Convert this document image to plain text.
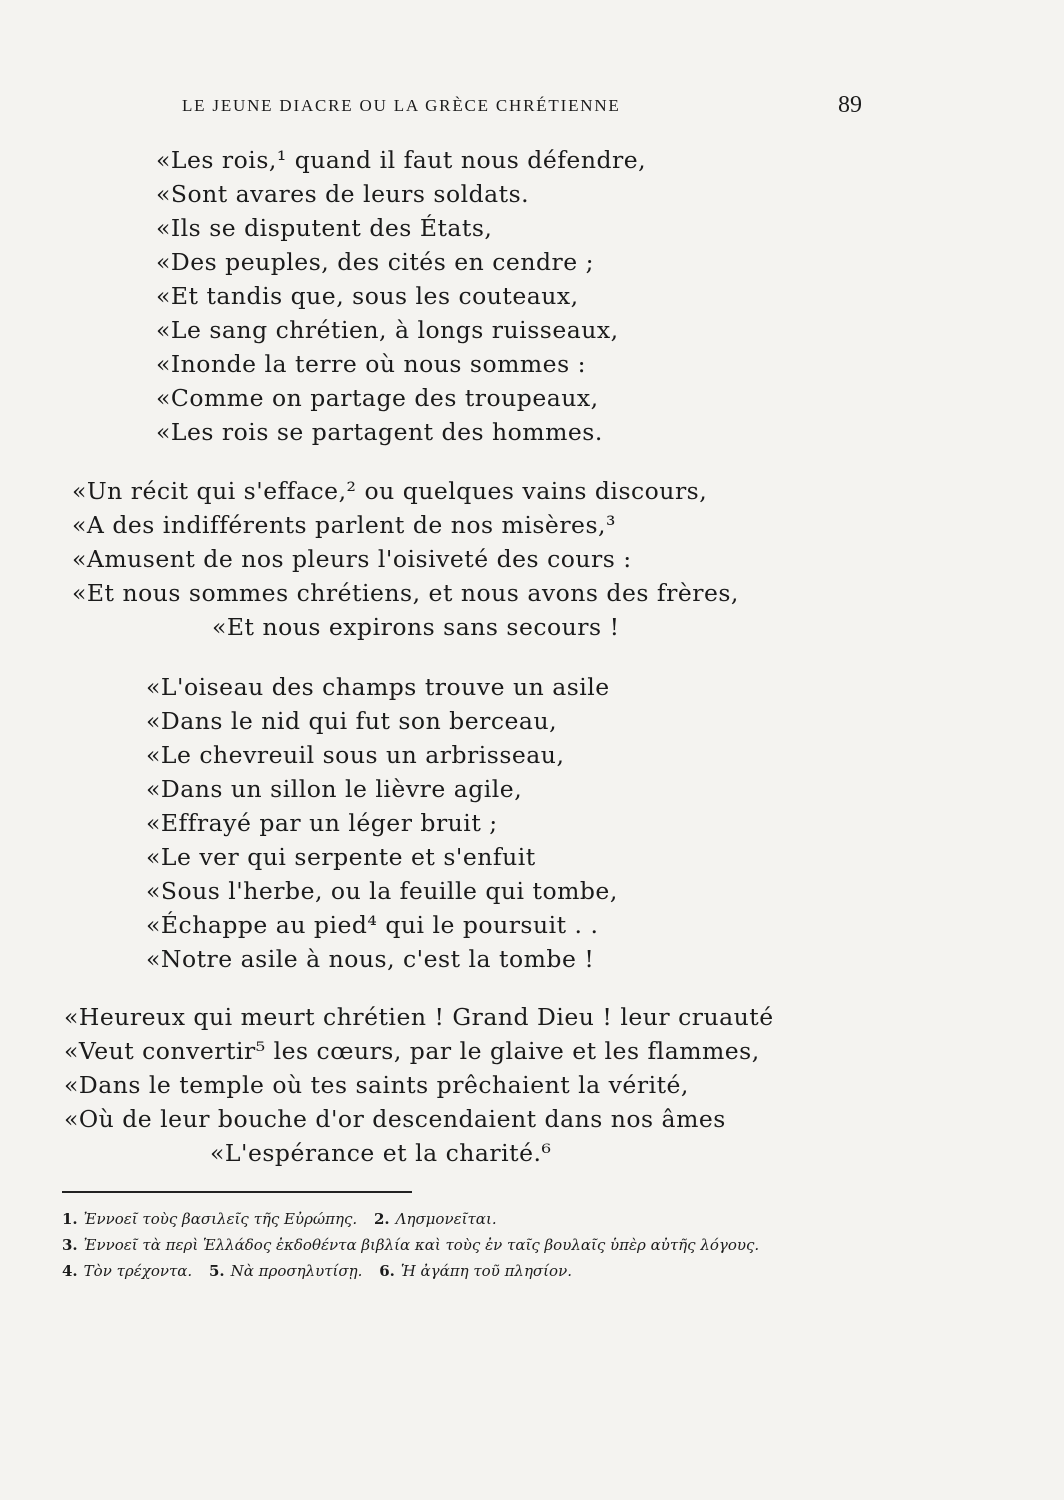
LE JEUNE DIACRE OU LA GRÈCE CHRÉTIENNE	89
«Les rois,¹ quand il faut nous défendre,
«Sont avares de leurs soldats.
«Ils se disputent des États,
«Des peuples, des cités en cendre ;
«Et tandis que, sous les couteaux,
«Le sang chrétien, à longs ruisseaux,
«Inonde la terre où nous sommes :
«Comme on partage des troupeaux,
«Les rois se partagent des hommes.
«Un récit qui s'efface,² ou quelques vains discours,
«A des indifférents parlent de nos misères,³
«Amusent de nos pleurs l'oisiveté des cours :
«Et nous sommes chrétiens, et nous avons des frères,
«Et nous expirons sans secours !
«L'oiseau des champs trouve un asile
«Dans le nid qui fut son berceau,
«Le chevreuil sous un arbrisseau,
«Dans un sillon le lièvre agile,
«Effrayé par un léger bruit ;
«Le ver qui serpente et s'enfuit
«Sous l'herbe, ou la feuille qui tombe,
«Échappe au pied⁴ qui le poursuit . .
«Notre asile à nous, c'est la tombe !
«Heureux qui meurt chrétien ! Grand Dieu ! leur cruauté
«Veut convertir⁵ les cœurs, par le glaive et les flammes,
«Dans le temple où tes saints prêchaient la vérité,
«Où de leur bouche d'or descendaient dans nos âmes
«L'espérance et la charité.⁶
1. Ἐννοεῖ τοὺς βασιλεῖς τῆς Εὐρώπης. 2. Λησμονεῖται.
3. Ἐννοεῖ τὰ περὶ Ἑλλάδος ἐκδοθέντα βιβλία καὶ τοὺς ἐν ταῖς βουλαῖς ὑπὲρ αὐτῆς λόγους.
4. Τὸν τρέχοντα. 5. Νὰ προσηλυτίσῃ. 6. Ἡ ἀγάπη τοῦ πλησίον.
